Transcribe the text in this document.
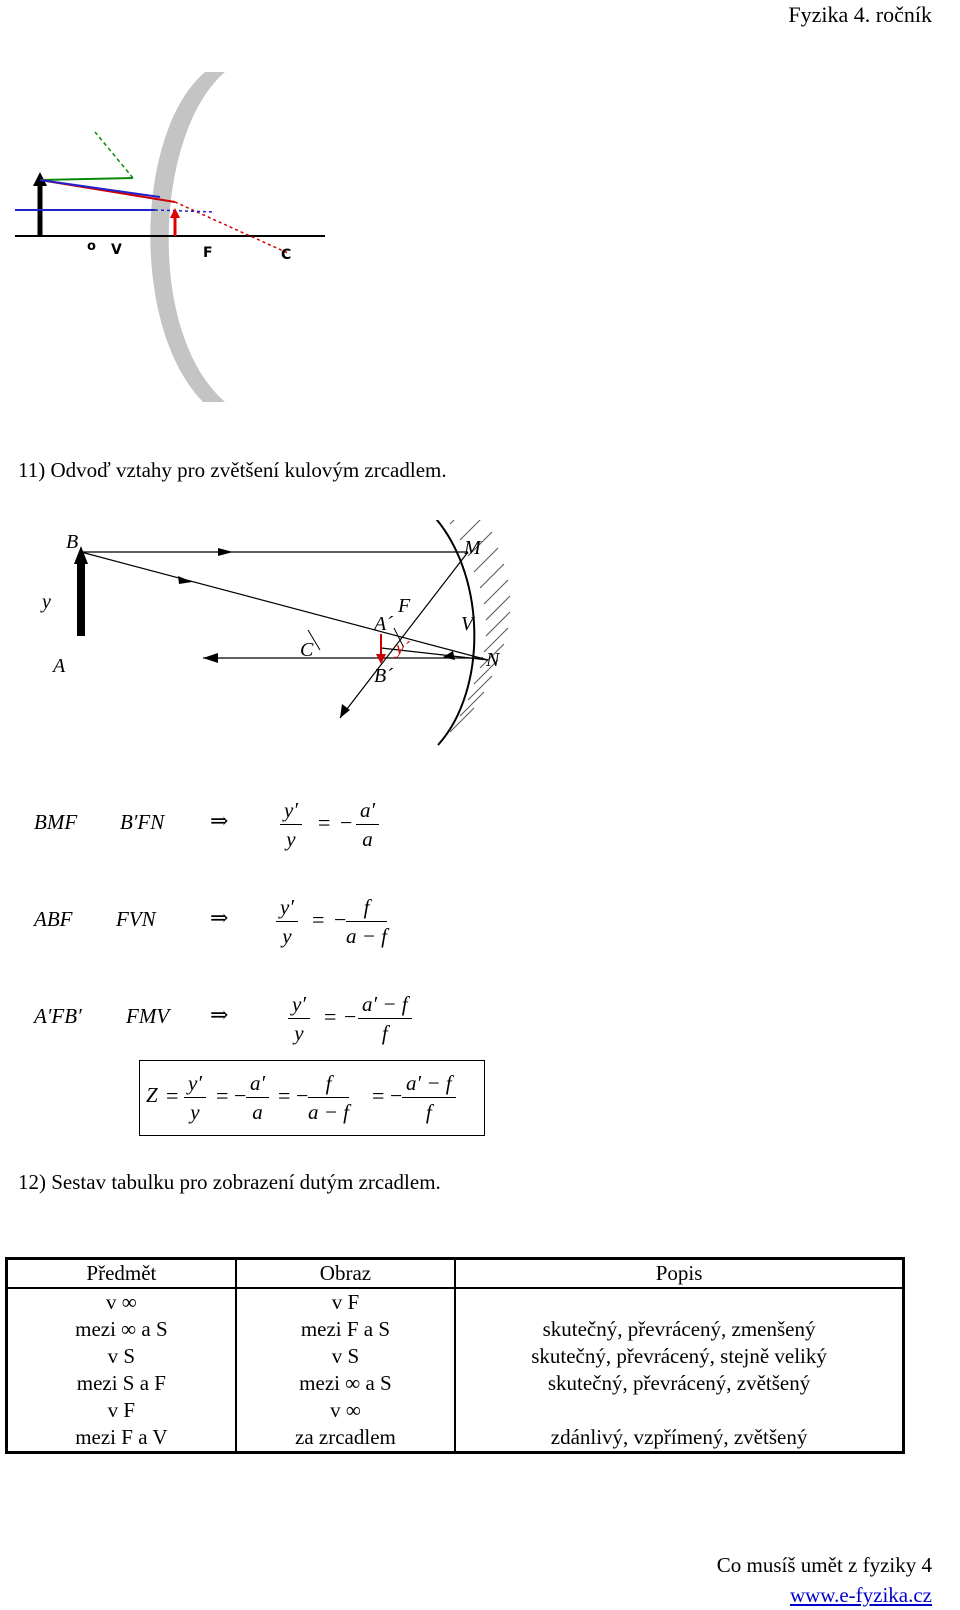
Fyzika 4. ročník
o V	F	C
11) Odvoď vztahy pro zvětšení kulovým zrcadlem.
B
y
A
C
A´
F
y´
B´
V
N
M
BMF B′FN ⇒ $\frac{y'}{y}$ = − $\frac{a'}{a}$
ABF FVN ⇒ $\frac{y'}{y}$ = − $\frac{f}{a - f}$
A′FB′ FMV ⇒	$\frac{y'}{y}$ = − $\frac{a' - f}{f}$
$Z = \frac{y'}{y}$ = − $\frac{a'}{a}$ = − $\frac{f}{a - f}$ = − $\frac{a' - f}{f}$
12) Sestav tabulku pro zobrazení dutým zrcadlem.
Předmět	Obraz	Popis
v ∞	v F	
mezi ∞ a S	mezi F a S	skutečný, převrácený, zmenšený
v S	v S	skutečný, převrácený, stejně veliký
mezi S a F	mezi ∞ a S	skutečný, převrácený, zvětšený
v F	v ∞	
mezi F a V	za zrcadlem	zdánlivý, vzpřímený, zvětšený
Co musíš umět z fyziky 4
www.e-fyzika.cz
